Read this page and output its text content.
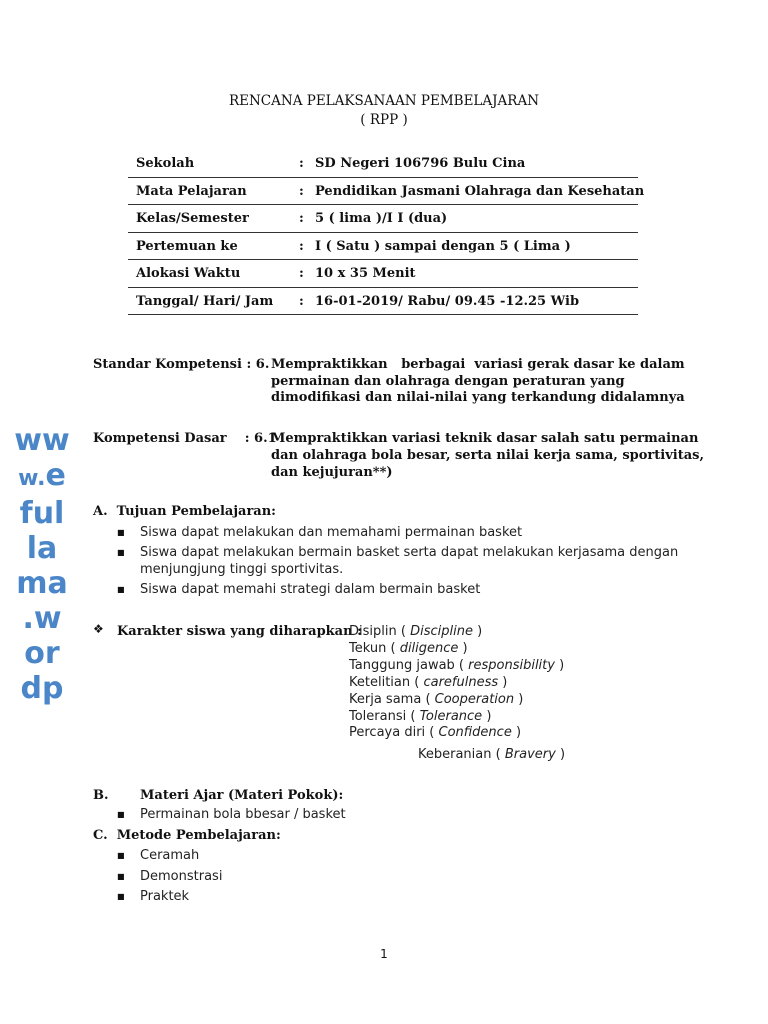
RENCANA PELAKSANAAN PEMBELAJARAN
( RPP )
Sekolah	: SD Negeri 106796 Bulu Cina
Mata Pelajaran	: Pendidikan Jasmani Olahraga dan Kesehatan
Kelas/Semester	: 5 ( lima )/I I (dua)
Pertemuan ke	: I ( Satu ) sampai dengan 5 ( Lima )
Alokasi Waktu	: 10 x 35 Menit
Tanggal/ Hari/ Jam : 16-01-2019/ Rabu/ 09.45 -12.25 Wib
Standar Kompetensi : 6. Mempraktikkan   berbagai  variasi gerak dasar ke dalam
permainan dan olahraga dengan peraturan yang
dimodifikasi dan nilai-nilai yang terkandung didalamnya
Kompetensi Dasar    : 6.1
Mempraktikkan variasi teknik dasar salah satu permainan
dan olahraga bola besar, serta nilai kerja sama, sportivitas,
dan kejujuran**)
A.  Tujuan Pembelajaran:
■ Siswa dapat melakukan dan memahami permainan basket
■ Siswa dapat melakukan bermain basket serta dapat melakukan kerjasama dengan
menjungjung tinggi sportivitas.
■ Siswa dapat memahi strategi dalam bermain basket
❖ Karakter siswa yang diharapkan :
Disiplin ( Discipline )
Tekun ( diligence )
Tanggung jawab ( responsibility )
Ketelitian ( carefulness )
Kerja sama ( Cooperation )
Toleransi ( Tolerance )
Percaya diri ( Confidence )
Keberanian ( Bravery )
B. Materi Ajar (Materi Pokok):
■ Permainan bola bbesar / basket
C.  Metode Pembelajaran:
■ Ceramah
■ Demonstrasi
■ Praktek
1
ww
w.e
ful
la
ma
.w
or
dp
